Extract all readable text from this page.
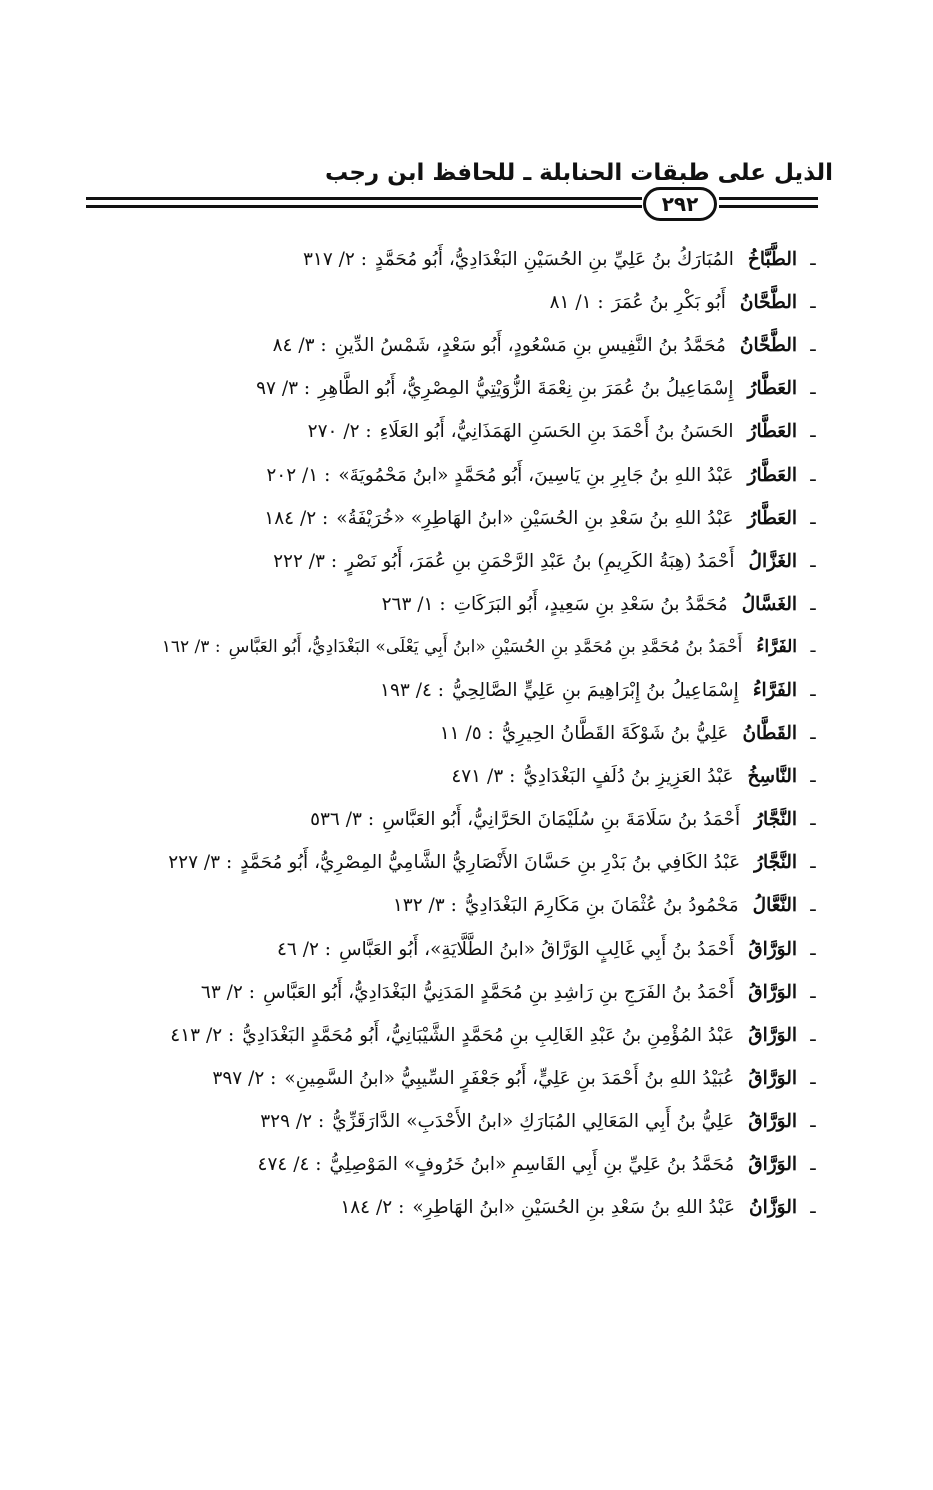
الذيل على طبقات الحنابلة ـ للحافظ ابن رجب
٢٩٢
ـ
الطَّبَّاخُ
المُبَارَكُ بنُ عَلِيِّ بنِ الحُسَيْنِ البَغْدَادِيُّ، أَبُو مُحَمَّدٍ
: ٢/ ٣١٧
ـ
الطَّحَّانُ
أَبُو بَكْرِ بنُ عُمَرَ
: ١/ ٨١
ـ
الطَّحَّانُ
مُحَمَّدُ بنُ النَّفِيسِ بنِ مَسْعُودٍ، أَبُو سَعْدٍ، شَمْسُ الدِّينِ
: ٣/ ٨٤
ـ
العَطَّارُ
إِسْمَاعِيلُ بنُ عُمَرَ بنِ نِعْمَةَ الزُّوَيْتِيُّ المِصْرِيُّ، أَبُو الطَّاهِرِ
: ٣/ ٩٧
ـ
العَطَّارُ
الحَسَنُ بنُ أَحْمَدَ بنِ الحَسَنِ الهَمَذَانِيُّ، أَبُو العَلَاءِ
: ٢/ ٢٧٠
ـ
العَطَّارُ
عَبْدُ اللهِ بنُ جَابِرِ بنِ يَاسِينَ، أَبُو مُحَمَّدٍ «ابنُ مَحْمُويَةَ»
: ١/ ٢٠٢
ـ
العَطَّارُ
عَبْدُ اللهِ بنُ سَعْدِ بنِ الحُسَيْنِ «ابنُ الهَاطِرِ» «خُرَيْفَةُ»
: ٢/ ١٨٤
ـ
الغَزَّالُ
أَحْمَدُ (هِبَةُ الكَرِيمِ) بنُ عَبْدِ الرَّحْمَنِ بنِ عُمَرَ، أَبُو نَصْرٍ
: ٣/ ٢٢٢
ـ
الغَسَّالُ
مُحَمَّدُ بنُ سَعْدِ بنِ سَعِيدٍ، أَبُو البَرَكَاتِ
: ١/ ٢٦٣
ـ
الفَرَّاءُ
أَحْمَدُ بنُ مُحَمَّدِ بنِ مُحَمَّدِ بنِ الحُسَيْنِ «ابنُ أَبِي يَعْلَى» البَغْدَادِيُّ، أَبُو العَبَّاسِ
: ٣/ ١٦٢
ـ
الفَرَّاءُ
إِسْمَاعِيلُ بنُ إِبْرَاهِيمَ بنِ عَلِيٍّ الصَّالِحِيُّ
: ٤/ ١٩٣
ـ
القَطَّانُ
عَلِيُّ بنُ شَوْكَةَ القَطَّانُ الحِيرِيُّ
: ٥/ ١١
ـ
النَّاسِخُ
عَبْدُ العَزِيزِ بنُ دُلَفٍ البَغْدَادِيُّ
: ٣/ ٤٧١
ـ
النَّجَّارُ
أَحْمَدُ بنُ سَلَامَةَ بنِ سُلَيْمَانَ الحَرَّانِيُّ، أَبُو العَبَّاسِ
: ٣/ ٥٣٦
ـ
النَّجَّارُ
عَبْدُ الكَافِي بنُ بَدْرِ بنِ حَسَّانَ الأَنْصَارِيُّ الشَّامِيُّ المِصْرِيُّ، أَبُو مُحَمَّدٍ
: ٣/ ٢٢٧
ـ
النَّعَّالُ
مَحْمُودُ بنُ عُثْمَانَ بنِ مَكَارِمَ البَغْدَادِيُّ
: ٣/ ١٣٢
ـ
الوَرَّاقُ
أَحْمَدُ بنُ أَبِي غَالِبٍ الوَرَّاقُ «ابنُ الطَّلَّايَةِ»، أَبُو العَبَّاسِ
: ٢/ ٤٦
ـ
الوَرَّاقُ
أَحْمَدُ بنُ الفَرَجِ بنِ رَاشِدِ بنِ مُحَمَّدٍ المَدَنِيُّ البَغْدَادِيُّ، أَبُو العَبَّاسِ
: ٢/ ٦٣
ـ
الوَرَّاقُ
عَبْدُ المُؤْمِنِ بنُ عَبْدِ الغَالِبِ بنِ مُحَمَّدٍ الشَّيْبَانِيُّ، أَبُو مُحَمَّدٍ البَغْدَادِيُّ
: ٢/ ٤١٣
ـ
الوَرَّاقُ
عُبَيْدُ اللهِ بنُ أَحْمَدَ بنِ عَلِيٍّ، أَبُو جَعْفَرٍ السِّيبِيُّ «ابنُ السَّمِينِ»
: ٢/ ٣٩٧
ـ
الوَرَّاقُ
عَلِيُّ بنُ أَبِي المَعَالِي المُبَارَكِ «ابنُ الأَحْدَبِ» الدَّارَقَزِّيُّ
: ٢/ ٣٢٩
ـ
الوَرَّاقُ
مُحَمَّدُ بنُ عَلِيِّ بنِ أَبِي القَاسِمِ «ابنُ خَرُوفٍ» المَوْصِلِيُّ
: ٤/ ٤٧٤
ـ
الوَزَّانُ
عَبْدُ اللهِ بنُ سَعْدِ بنِ الحُسَيْنِ «ابنُ الهَاطِرِ»
: ٢/ ١٨٤
